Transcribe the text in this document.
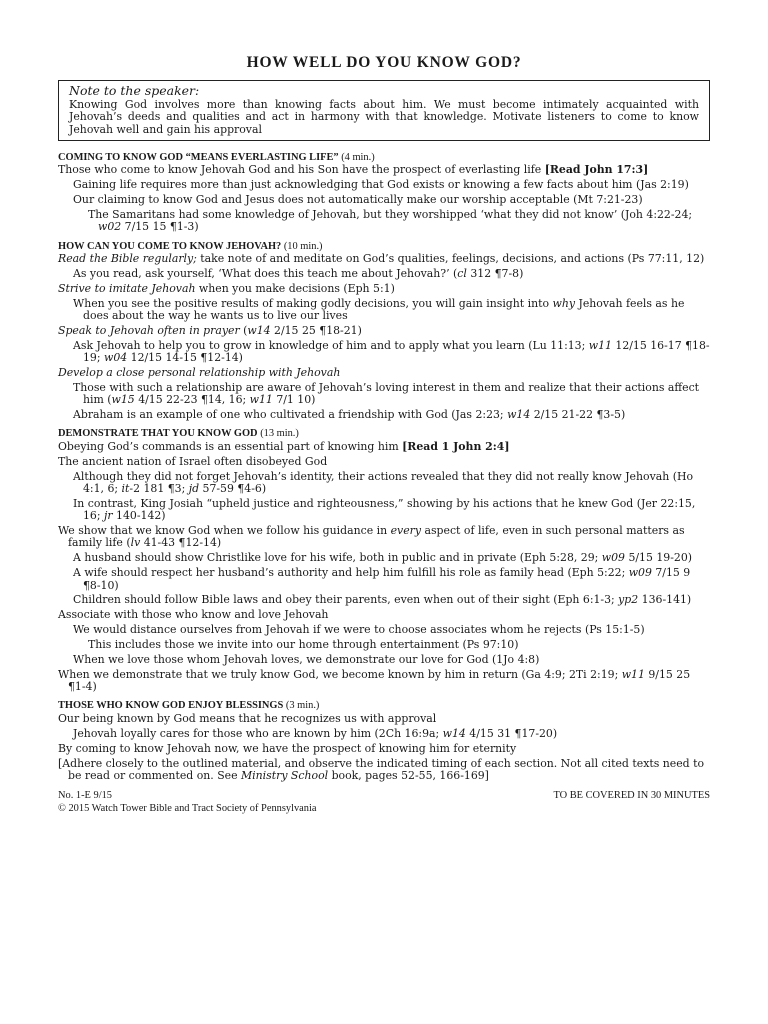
HOW WELL DO YOU KNOW GOD?
Note to the speaker:
Knowing God involves more than knowing facts about him. We must become intimately acquainted with Jehovah’s deeds and qualities and act in harmony with that knowledge. Motivate listeners to come to know Jehovah well and gain his approval
COMING TO KNOW GOD “MEANS EVERLASTING LIFE” (4 min.)
Those who come to know Jehovah God and his Son have the prospect of everlasting life [Read John 17:3]
Gaining life requires more than just acknowledging that God exists or knowing a few facts about him (Jas 2:19)
Our claiming to know God and Jesus does not automatically make our worship acceptable (Mt 7:21-23)
The Samaritans had some knowledge of Jehovah, but they worshipped ‘what they did not know’ (Joh 4:22-24; w02 7/15 15 ¶1-3)
HOW CAN YOU COME TO KNOW JEHOVAH? (10 min.)
Read the Bible regularly; take note of and meditate on God’s qualities, feelings, decisions, and actions (Ps 77:11, 12)
As you read, ask yourself, ‘What does this teach me about Jehovah?’ (cl 312 ¶7-8)
Strive to imitate Jehovah when you make decisions (Eph 5:1)
When you see the positive results of making godly decisions, you will gain insight into why Jehovah feels as he does about the way he wants us to live our lives
Speak to Jehovah often in prayer (w14 2/15 25 ¶18-21)
Ask Jehovah to help you to grow in knowledge of him and to apply what you learn (Lu 11:13; w11 12/15 16-17 ¶18-19; w04 12/15 14-15 ¶12-14)
Develop a close personal relationship with Jehovah
Those with such a relationship are aware of Jehovah’s loving interest in them and realize that their actions affect him (w15 4/15 22-23 ¶14, 16; w11 7/1 10)
Abraham is an example of one who cultivated a friendship with God (Jas 2:23; w14 2/15 21-22 ¶3-5)
DEMONSTRATE THAT YOU KNOW GOD (13 min.)
Obeying God’s commands is an essential part of knowing him [Read 1 John 2:4]
The ancient nation of Israel often disobeyed God
Although they did not forget Jehovah’s identity, their actions revealed that they did not really know Jehovah (Ho 4:1, 6; it-2 181 ¶3; jd 57-59 ¶4-6)
In contrast, King Josiah “upheld justice and righteousness,” showing by his actions that he knew God (Jer 22:15, 16; jr 140-142)
We show that we know God when we follow his guidance in every aspect of life, even in such personal matters as family life (lv 41-43 ¶12-14)
A husband should show Christlike love for his wife, both in public and in private (Eph 5:28, 29; w09 5/15 19-20)
A wife should respect her husband’s authority and help him fulfill his role as family head (Eph 5:22; w09 7/15 9 ¶8-10)
Children should follow Bible laws and obey their parents, even when out of their sight (Eph 6:1-3; yp2 136-141)
Associate with those who know and love Jehovah
We would distance ourselves from Jehovah if we were to choose associates whom he rejects (Ps 15:1-5)
This includes those we invite into our home through entertainment (Ps 97:10)
When we love those whom Jehovah loves, we demonstrate our love for God (1Jo 4:8)
When we demonstrate that we truly know God, we become known by him in return (Ga 4:9; 2Ti 2:19; w11 9/15 25 ¶1-4)
THOSE WHO KNOW GOD ENJOY BLESSINGS (3 min.)
Our being known by God means that he recognizes us with approval
Jehovah loyally cares for those who are known by him (2Ch 16:9a; w14 4/15 31 ¶17-20)
By coming to know Jehovah now, we have the prospect of knowing him for eternity
[Adhere closely to the outlined material, and observe the indicated timing of each section. Not all cited texts need to be read or commented on. See Ministry School book, pages 52-55, 166-169]
No. 1-E 9/15	TO BE COVERED IN 30 MINUTES
© 2015 Watch Tower Bible and Tract Society of Pennsylvania
